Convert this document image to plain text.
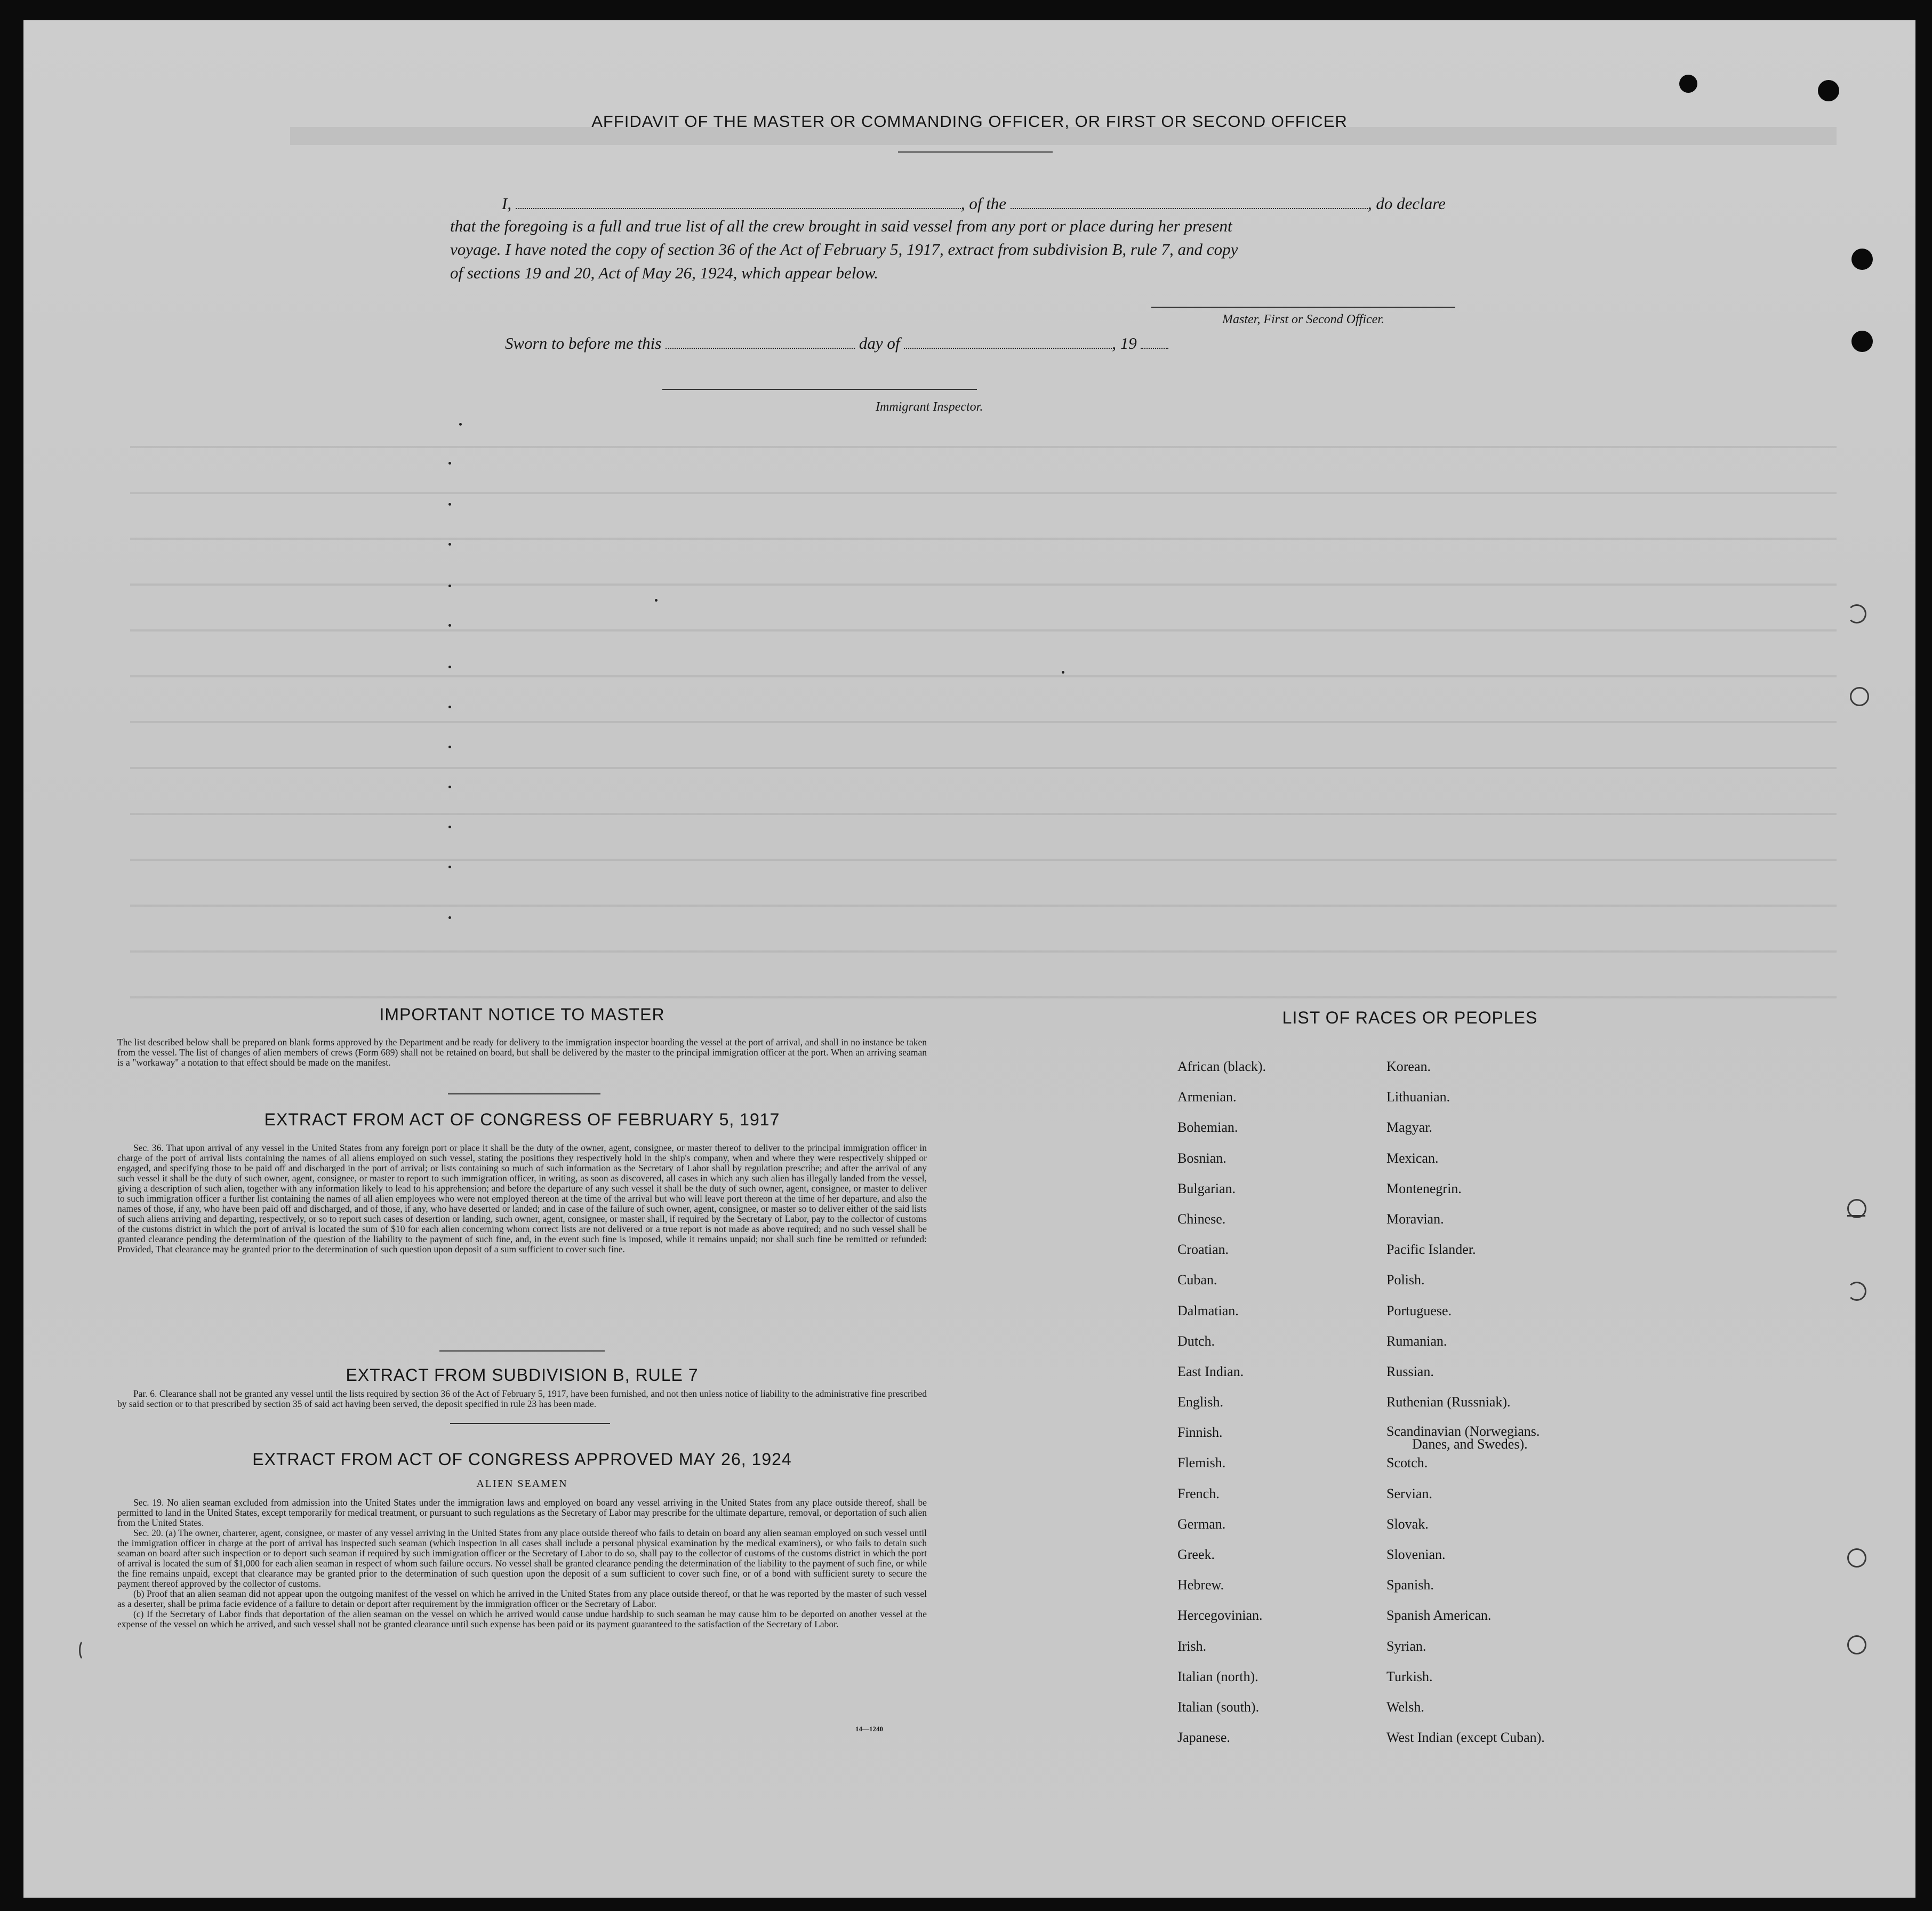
AFFIDAVIT OF THE MASTER OR COMMANDING OFFICER, OR FIRST OR SECOND OFFICER
I,	, of the	, do declare
that the foregoing is a full and true list of all the crew brought in said vessel from any port or place during her present
voyage. I have noted the copy of section 36 of the Act of February 5, 1917, extract from subdivision B, rule 7, and copy
of sections 19 and 20, Act of May 26, 1924, which appear below.
Master, First or Second Officer.
Sworn to before me this	day of	, 19
Immigrant Inspector.
IMPORTANT NOTICE TO MASTER

The list described below shall be prepared on blank forms approved by the Department and be ready for delivery to the immigration inspector boarding the vessel at the port of arrival, and shall in no instance be taken from the vessel. The list of changes of alien members of crews (Form 689) shall not be retained on board, but shall be delivered by the master to the principal immigration officer at the port. When an arriving seaman is a "workaway" a notation to that effect should be made on the manifest.

EXTRACT FROM ACT OF CONGRESS OF FEBRUARY 5, 1917

Sec. 36. That upon arrival of any vessel in the United States from any foreign port or place it shall be the duty of the owner, agent, consignee, or master thereof to deliver to the principal immigration officer in charge of the port of arrival lists containing the names of all aliens employed on such vessel, stating the positions they respectively hold in the ship's company, when and where they were respectively shipped or engaged, and specifying those to be paid off and discharged in the port of arrival; or lists containing so much of such information as the Secretary of Labor shall by regulation prescribe; and after the arrival of any such vessel it shall be the duty of such owner, agent, consignee, or master to report to such immigration officer, in writing, as soon as discovered, all cases in which any such alien has illegally landed from the vessel, giving a description of such alien, together with any information likely to lead to his apprehension; and before the departure of any such vessel it shall be the duty of such owner, agent, consignee, or master to deliver to such immigration officer a further list containing the names of all alien employees who were not employed thereon at the time of the arrival but who will leave port thereon at the time of her departure, and also the names of those, if any, who have been paid off and discharged, and of those, if any, who have deserted or landed; and in case of the failure of such owner, agent, consignee, or master so to deliver either of the said lists of such aliens arriving and departing, respectively, or so to report such cases of desertion or landing, such owner, agent, consignee, or master shall, if required by the Secretary of Labor, pay to the collector of customs of the customs district in which the port of arrival is located the sum of $10 for each alien concerning whom correct lists are not delivered or a true report is not made as above required; and no such vessel shall be granted clearance pending the determination of the question of the liability to the payment of such fine, and, in the event such fine is imposed, while it remains unpaid; nor shall such fine be remitted or refunded: Provided, That clearance may be granted prior to the determination of such question upon deposit of a sum sufficient to cover such fine.

EXTRACT FROM SUBDIVISION B, RULE 7

Par. 6. Clearance shall not be granted any vessel until the lists required by section 36 of the Act of February 5, 1917, have been furnished, and not then unless notice of liability to the administrative fine prescribed by said section or to that prescribed by section 35 of said act having been served, the deposit specified in rule 23 has been made.

EXTRACT FROM ACT OF CONGRESS APPROVED MAY 26, 1924
ALIEN SEAMEN

Sec. 19. No alien seaman excluded from admission into the United States under the immigration laws and employed on board any vessel arriving in the United States from any place outside thereof, shall be permitted to land in the United States, except temporarily for medical treatment, or pursuant to such regulations as the Secretary of Labor may prescribe for the ultimate departure, removal, or deportation of such alien from the United States.

Sec. 20. (a) The owner, charterer, agent, consignee, or master of any vessel arriving in the United States from any place outside thereof who fails to detain on board any alien seaman employed on such vessel until the immigration officer in charge at the port of arrival has inspected such seaman (which inspection in all cases shall include a personal physical examination by the medical examiners), or who fails to detain such seaman on board after such inspection or to deport such seaman if required by such immigration officer or the Secretary of Labor to do so, shall pay to the collector of customs of the customs district in which the port of arrival is located the sum of $1,000 for each alien seaman in respect of whom such failure occurs. No vessel shall be granted clearance pending the determination of the liability to the payment of such fine, or while the fine remains unpaid, except that clearance may be granted prior to the determination of such question upon the deposit of a sum sufficient to cover such fine, or of a bond with sufficient surety to secure the payment thereof approved by the collector of customs.

(b) Proof that an alien seaman did not appear upon the outgoing manifest of the vessel on which he arrived in the United States from any place outside thereof, or that he was reported by the master of such vessel as a deserter, shall be prima facie evidence of a failure to detain or deport after requirement by the immigration officer or the Secretary of Labor.

(c) If the Secretary of Labor finds that deportation of the alien seaman on the vessel on which he arrived would cause undue hardship to such seaman he may cause him to be deported on another vessel at the expense of the vessel on which he arrived, and such vessel shall not be granted clearance until such expense has been paid or its payment guaranteed to the satisfaction of the Secretary of Labor.

14—1240
LIST OF RACES OR PEOPLES
African (black).
Armenian.
Bohemian.
Bosnian.
Bulgarian.
Chinese.
Croatian.
Cuban.
Dalmatian.
Dutch.
East Indian.
English.
Finnish.
Flemish.
French.
German.
Greek.
Hebrew.
Hercegovinian.
Irish.
Italian (north).
Italian (south).
Japanese.
Korean.
Lithuanian.
Magyar.
Mexican.
Montenegrin.
Moravian.
Pacific Islander.
Polish.
Portuguese.
Rumanian.
Russian.
Ruthenian (Russniak).
Scandinavian (Norwegians.
Danes, and Swedes).
Scotch.
Servian.
Slovak.
Slovenian.
Spanish.
Spanish American.
Syrian.
Turkish.
Welsh.
West Indian (except Cuban).
